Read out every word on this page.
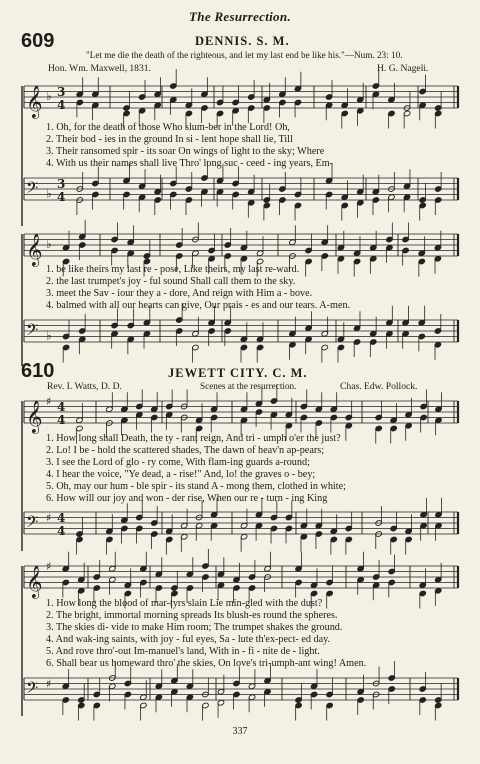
The Resurrection.
609	DENNIS. S. M.
"Let me die the death of the righteous, and let my last end be like his."—Num. 23: 10.
Hon. Wm. Maxwell, 1831.	H. G. Nageli.
𝄞 ♭ 3
4
1. Oh, for the death of those Who slum-ber in the Lord! Oh,
2. Their bod - ies in the ground In si - lent hope shall lie, Till
3. Their ransomed spir - its soar On wings of light to the sky; Where
4. With us their names shall live Thro' long suc - ceed - ing years, Em-
𝄢 ♭
3
4
𝄞 ♭
1. be like theirs my last re - pose, Like theirs, my last re-ward.
2. the last trumpet's joy - ful sound Shall call them to the sky.
3. meet the Sav - iour they a - dore, And reign with Him a - bove.
4. balmed with all our hearts can give, Our prais - es and our tears. A-men.
𝄢 ♭
610	JEWETT CITY. C. M.
Rev. I. Watts, D. D.	Scenes at the resurrection.	Chas. Edw. Pollock.
𝄞 ♯ 4
4
1. How long shall Death, the ty - rant reign, And tri - umph o'er the just?
2. Lo! I be - hold the scattered shades, The dawn of heav'n ap-pears;
3. I see the Lord of glo - ry come, With flam-ing guards a-round;
4. I hear the voice, "Ye dead, a - rise!" And, lo! the graves o - bey;
5. Oh, may our hum - ble spir - its stand A - mong them, clothed in white;
6. How will our joy and won - der rise, When our re - turn - ing King
𝄢 ♯ 4
4
𝄞 ♯
1. How long the blood of mar-tyrs slain Lie min-gled with the dust?
2. The bright, immortal morning spreads Its blush-es round the spheres.
3. The skies di- vide to make Him room; The trumpet shakes the ground.
4. And wak-ing saints, with joy - ful eyes, Sa - lute th'ex-pect- ed day.
5. And rove thro'-out Im-manuel's land, With in - fi - nite de - light.
6. Shall bear us homeward thro' the skies, On love's tri-umph-ant wing! Amen.
𝄢 ♯
337
